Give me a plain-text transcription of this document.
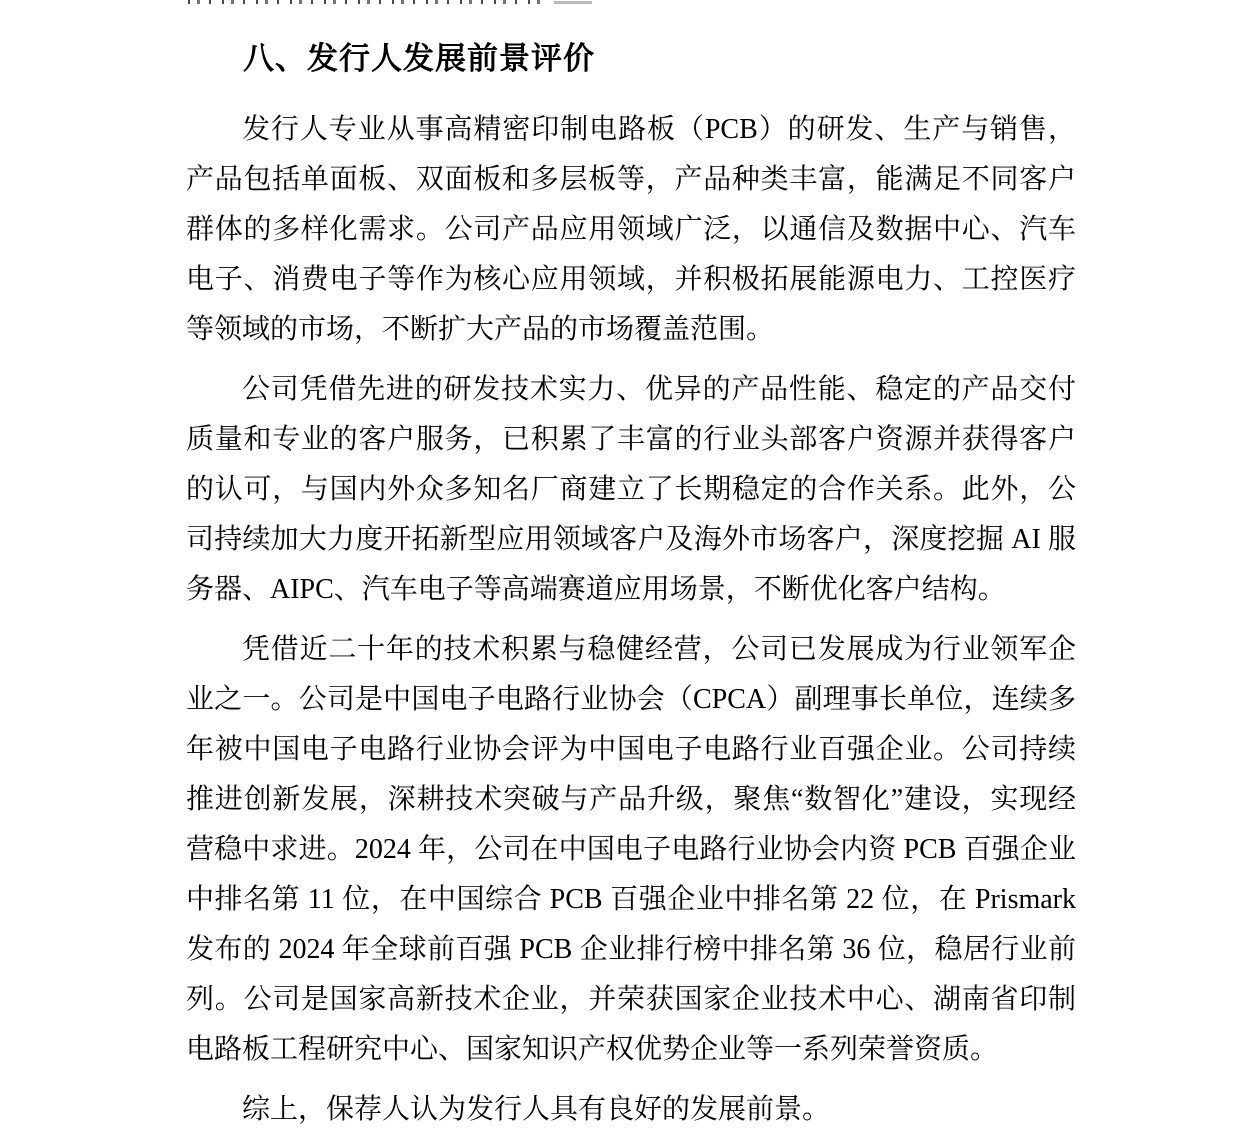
八、发行人发展前景评价

发行人专业从事高精密印制电路板（PCB）的研发、生产与销售，产品包括单面板、双面板和多层板等，产品种类丰富，能满足不同客户群体的多样化需求。公司产品应用领域广泛，以通信及数据中心、汽车电子、消费电子等作为核心应用领域，并积极拓展能源电力、工控医疗等领域的市场，不断扩大产品的市场覆盖范围。

公司凭借先进的研发技术实力、优异的产品性能、稳定的产品交付质量和专业的客户服务，已积累了丰富的行业头部客户资源并获得客户的认可，与国内外众多知名厂商建立了长期稳定的合作关系。此外，公司持续加大力度开拓新型应用领域客户及海外市场客户，深度挖掘 AI 服务器、AIPC、汽车电子等高端赛道应用场景，不断优化客户结构。

凭借近二十年的技术积累与稳健经营，公司已发展成为行业领军企业之一。公司是中国电子电路行业协会（CPCA）副理事长单位，连续多年被中国电子电路行业协会评为中国电子电路行业百强企业。公司持续推进创新发展，深耕技术突破与产品升级，聚焦“数智化”建设，实现经营稳中求进。2024 年，公司在中国电子电路行业协会内资 PCB 百强企业中排名第 11 位，在中国综合 PCB 百强企业中排名第 22 位，在 Prismark 发布的 2024 年全球前百强 PCB 企业排行榜中排名第 36 位，稳居行业前列。公司是国家高新技术企业，并荣获国家企业技术中心、湖南省印制电路板工程研究中心、国家知识产权优势企业等一系列荣誉资质。

综上，保荐人认为发行人具有良好的发展前景。
